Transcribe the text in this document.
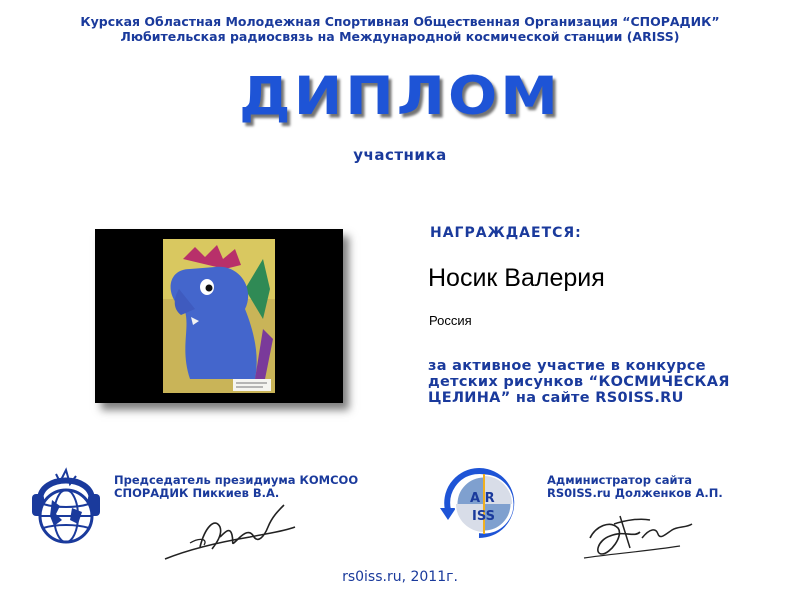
Курская Областная Молодежная Спортивная Общественная Организация “СПОРАДИК”
Любительская радиосвязь на Международной космической станции (ARISS)
ДИПЛОМ
участника
НАГРАЖДАЕТСЯ:
Носик Валерия
Россия
за активное участие в конкурсе детских рисунков “КОСМИЧЕСКАЯ ЦЕЛИНА” на сайте RS0ISS.RU
Председатель президиума КОМСОО
СПОРАДИК Пиккиев В.А.	A R
ISS
Администратор сайта
RS0ISS.ru Долженков А.П.
rs0iss.ru, 2011г.
